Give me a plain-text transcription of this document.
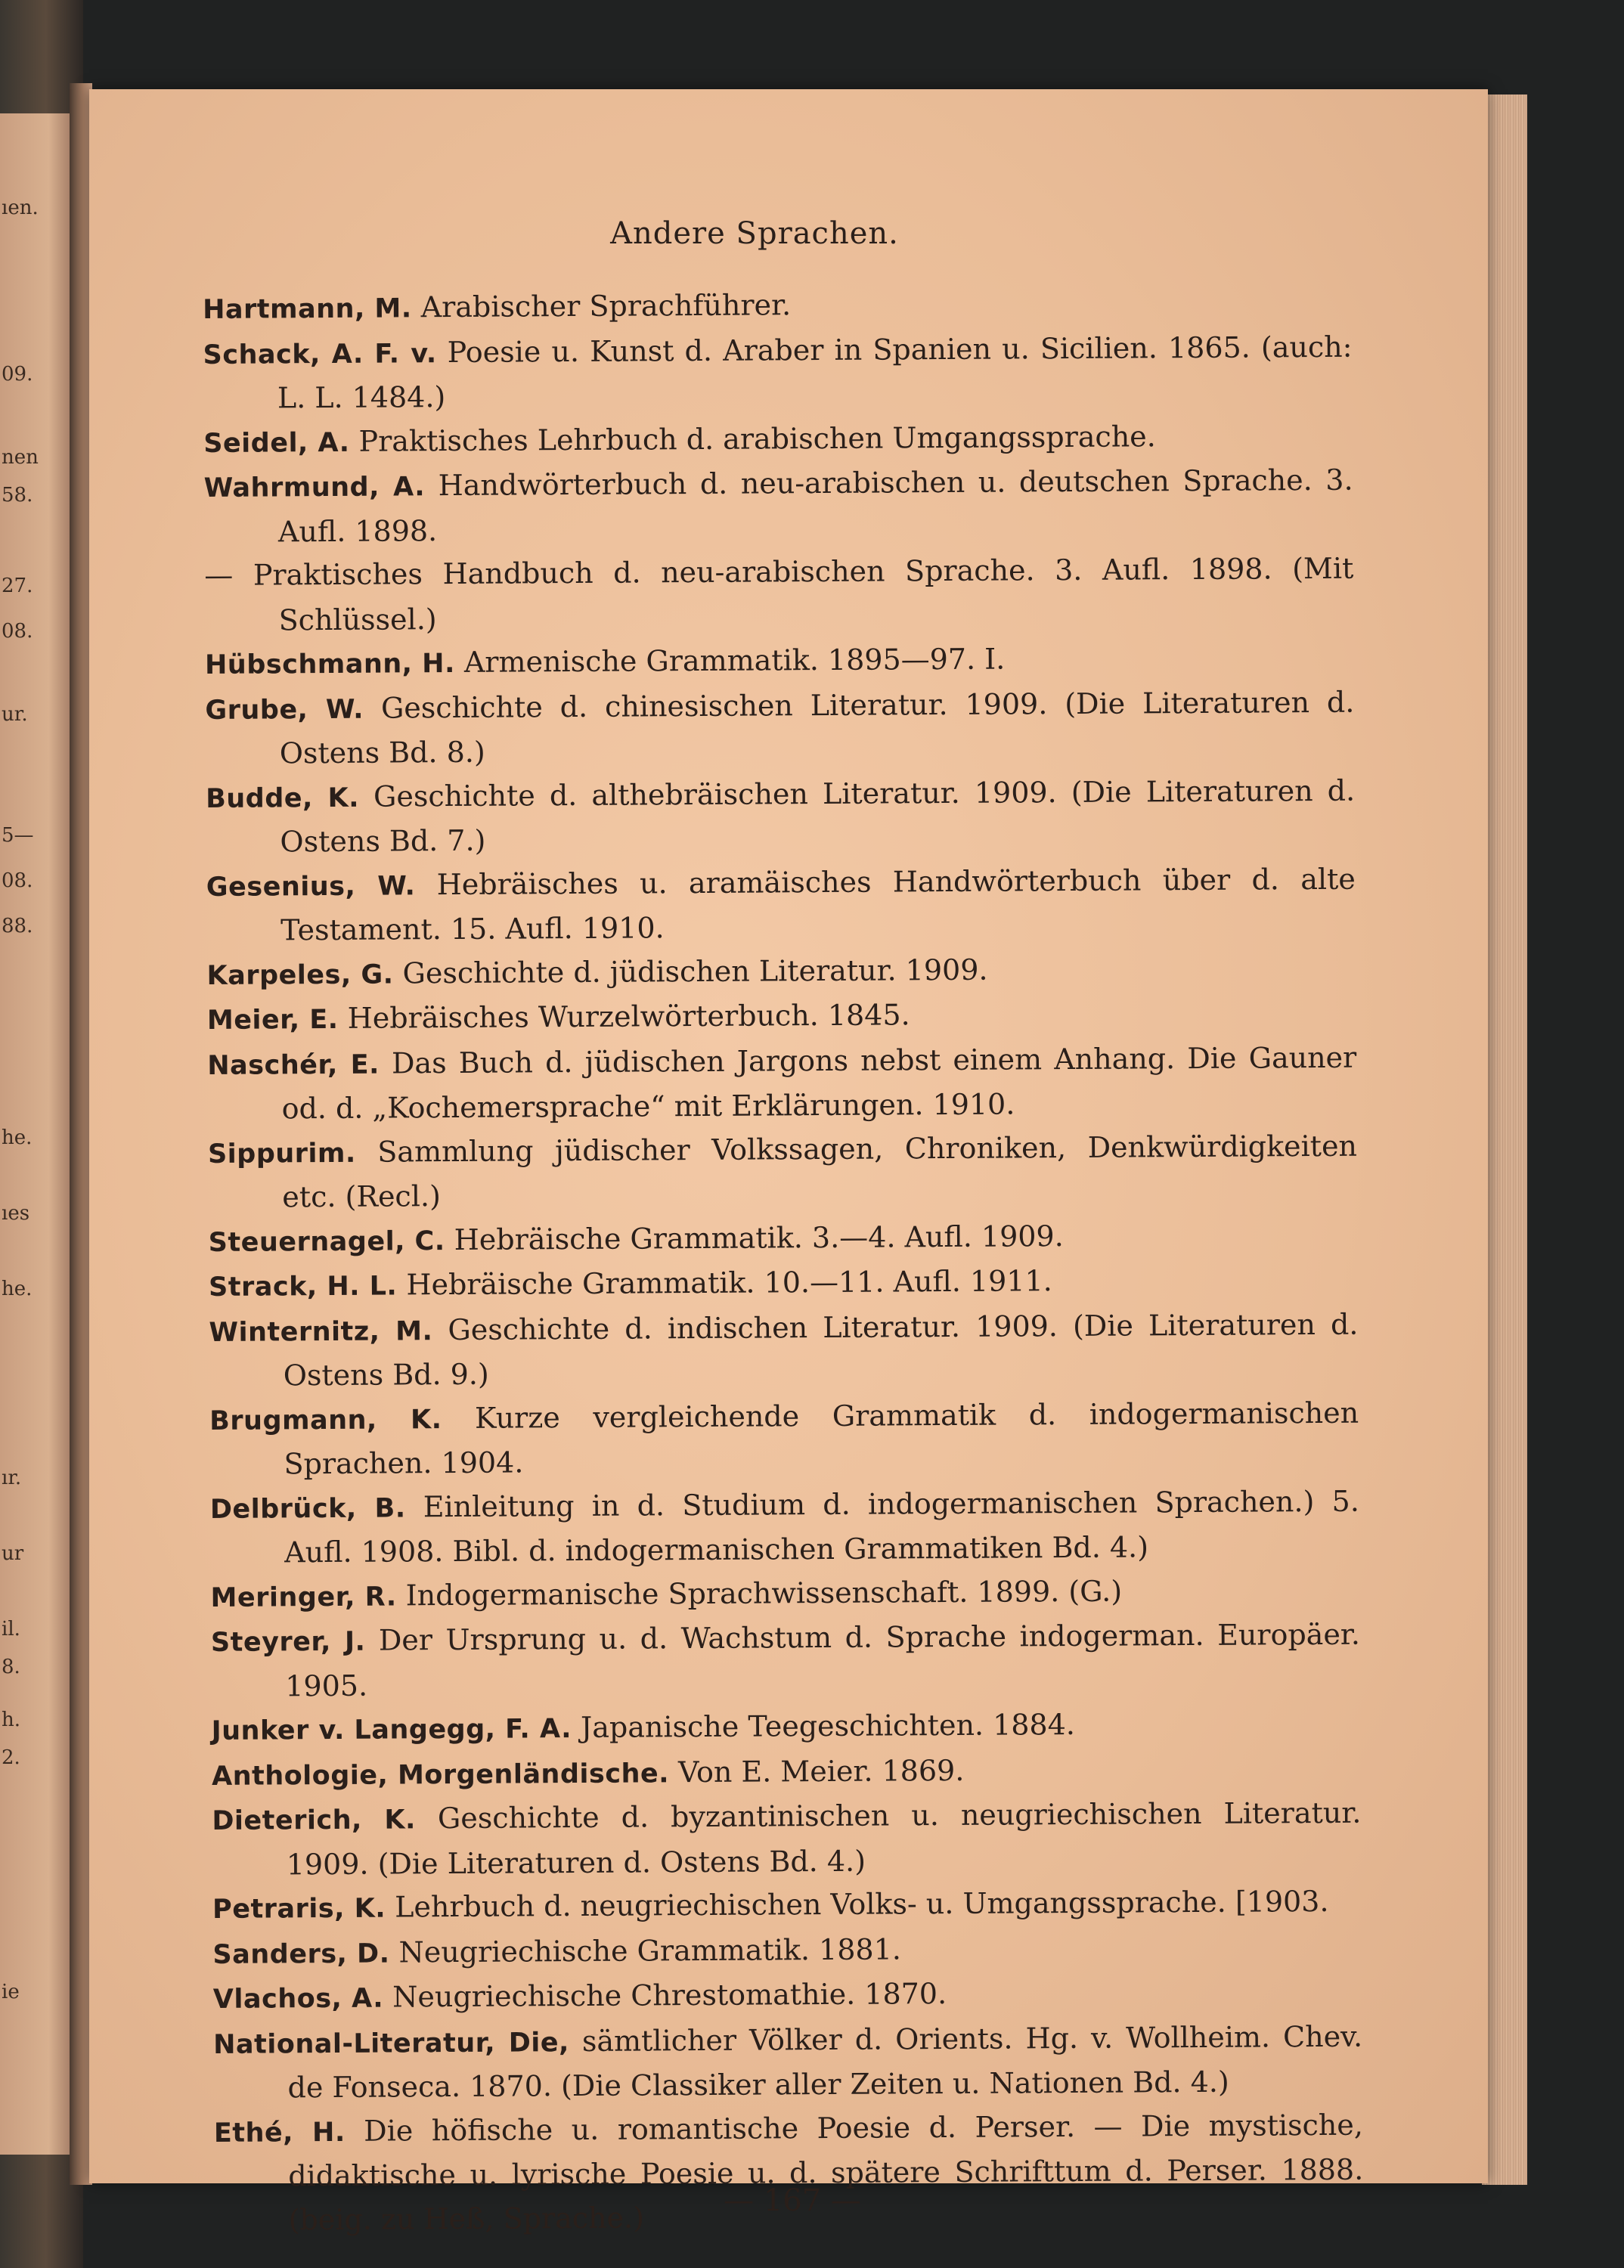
ıen.
09.
nen
58.
27.
08.
ur.
5—
08.
88.
he.
ıes
he.
ır.
ur
il.
8.
h.
2.
ie
Andere Sprachen.
Hartmann, M. Arabischer Sprachführer.
Schack, A. F. v. Poesie u. Kunst d. Araber in Spanien u. Sicilien. 1865. (auch: L. L. 1484.)
Seidel, A. Praktisches Lehrbuch d. arabischen Umgangssprache.
Wahrmund, A. Handwörterbuch d. neu-arabischen u. deutschen Sprache. 3. Aufl. 1898.
— Praktisches Handbuch d. neu-arabischen Sprache. 3. Aufl. 1898. (Mit Schlüssel.)
Hübschmann, H. Armenische Grammatik. 1895—97. I.
Grube, W. Geschichte d. chinesischen Literatur. 1909. (Die Literaturen d. Ostens Bd. 8.)
Budde, K. Geschichte d. althebräischen Literatur. 1909. (Die Literaturen d. Ostens Bd. 7.)
Gesenius, W. Hebräisches u. aramäisches Handwörterbuch über d. alte Testament. 15. Aufl. 1910.
Karpeles, G. Geschichte d. jüdischen Literatur. 1909.
Meier, E. Hebräisches Wurzelwörterbuch. 1845.
Naschér, E. Das Buch d. jüdischen Jargons nebst einem Anhang. Die Gauner od. d. „Kochemersprache“ mit Erklärungen. 1910.
Sippurim. Sammlung jüdischer Volkssagen, Chroniken, Denkwürdigkeiten etc. (Recl.)
Steuernagel, C. Hebräische Grammatik. 3.—4. Aufl. 1909.
Strack, H. L. Hebräische Grammatik. 10.—11. Aufl. 1911.
Winternitz, M. Geschichte d. indischen Literatur. 1909. (Die Literaturen d. Ostens Bd. 9.)
Brugmann, K. Kurze vergleichende Grammatik d. indogermanischen Sprachen. 1904.
Delbrück, B. Einleitung in d. Studium d. indogermanischen Sprachen.) 5. Aufl. 1908. Bibl. d. indogermanischen Grammatiken Bd. 4.)
Meringer, R. Indogermanische Sprachwissenschaft. 1899. (G.)
Steyrer, J. Der Ursprung u. d. Wachstum d. Sprache indogerman. Europäer. 1905.
Junker v. Langegg, F. A. Japanische Teegeschichten. 1884.
Anthologie, Morgenländische. Von E. Meier. 1869.
Dieterich, K. Geschichte d. byzantinischen u. neugriechischen Literatur. 1909. (Die Literaturen d. Ostens Bd. 4.)
Petraris, K. Lehrbuch d. neugriechischen Volks- u. Umgangssprache. [1903.
Sanders, D. Neugriechische Grammatik. 1881.
Vlachos, A. Neugriechische Chrestomathie. 1870.
National-Literatur, Die, sämtlicher Völker d. Orients. Hg. v. Wollheim. Chev. de Fonseca. 1870. (Die Classiker aller Zeiten u. Nationen Bd. 4.)
Ethé, H. Die höfische u. romantische Poesie d. Perser. — Die mystische, didaktische u. lyrische Poesie u. d. spätere Schrifttum d. Perser. 1888. (beig. zu Heß, Sprache.)	— 167 —
